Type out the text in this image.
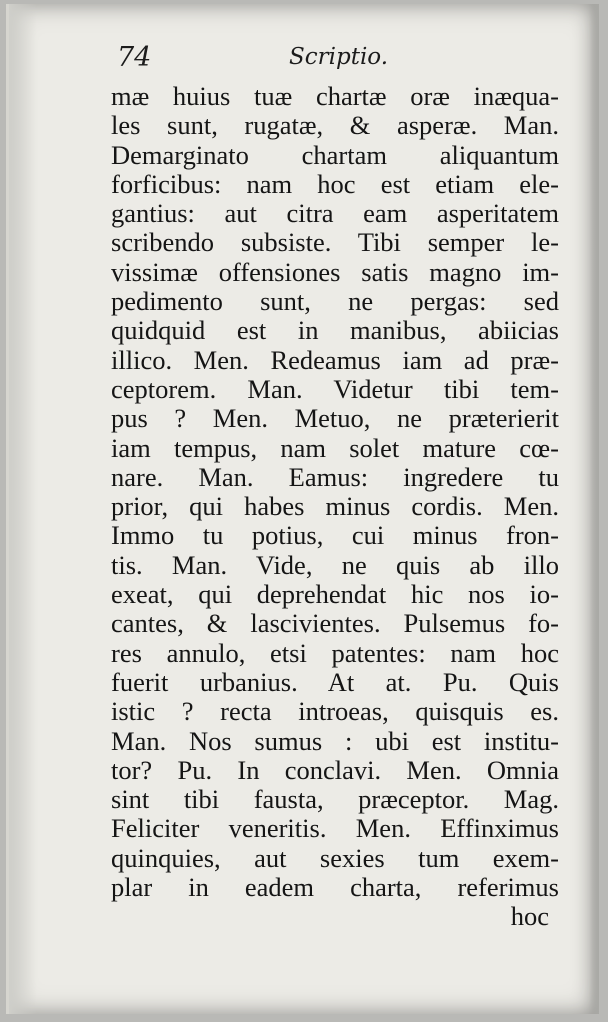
74	Scriptio.
mæ huius tuæ chartæ oræ inæqua-
les sunt, rugatæ, & asperæ. Man.
Demarginato chartam aliquantum
forficibus: nam hoc est etiam ele-
gantius: aut citra eam asperitatem
scribendo subsiste. Tibi semper le-
vissimæ offensiones satis magno im-
pedimento sunt, ne pergas: sed
quidquid est in manibus, abiicias
illico. Men. Redeamus iam ad præ-
ceptorem. Man. Videtur tibi tem-
pus ? Men. Metuo, ne præterierit
iam tempus, nam solet mature cœ-
nare. Man. Eamus: ingredere tu
prior, qui habes minus cordis. Men.
Immo tu potius, cui minus fron-
tis. Man. Vide, ne quis ab illo
exeat, qui deprehendat hic nos io-
cantes, & lascivientes. Pulsemus fo-
res annulo, etsi patentes: nam hoc
fuerit urbanius. At at. Pu. Quis
istic ? recta introeas, quisquis es.
Man. Nos sumus : ubi est institu-
tor? Pu. In conclavi. Men. Omnia
sint tibi fausta, præceptor. Mag.
Feliciter veneritis. Men. Effinximus
quinquies, aut sexies tum exem-
plar in eadem charta, referimus
hoc
